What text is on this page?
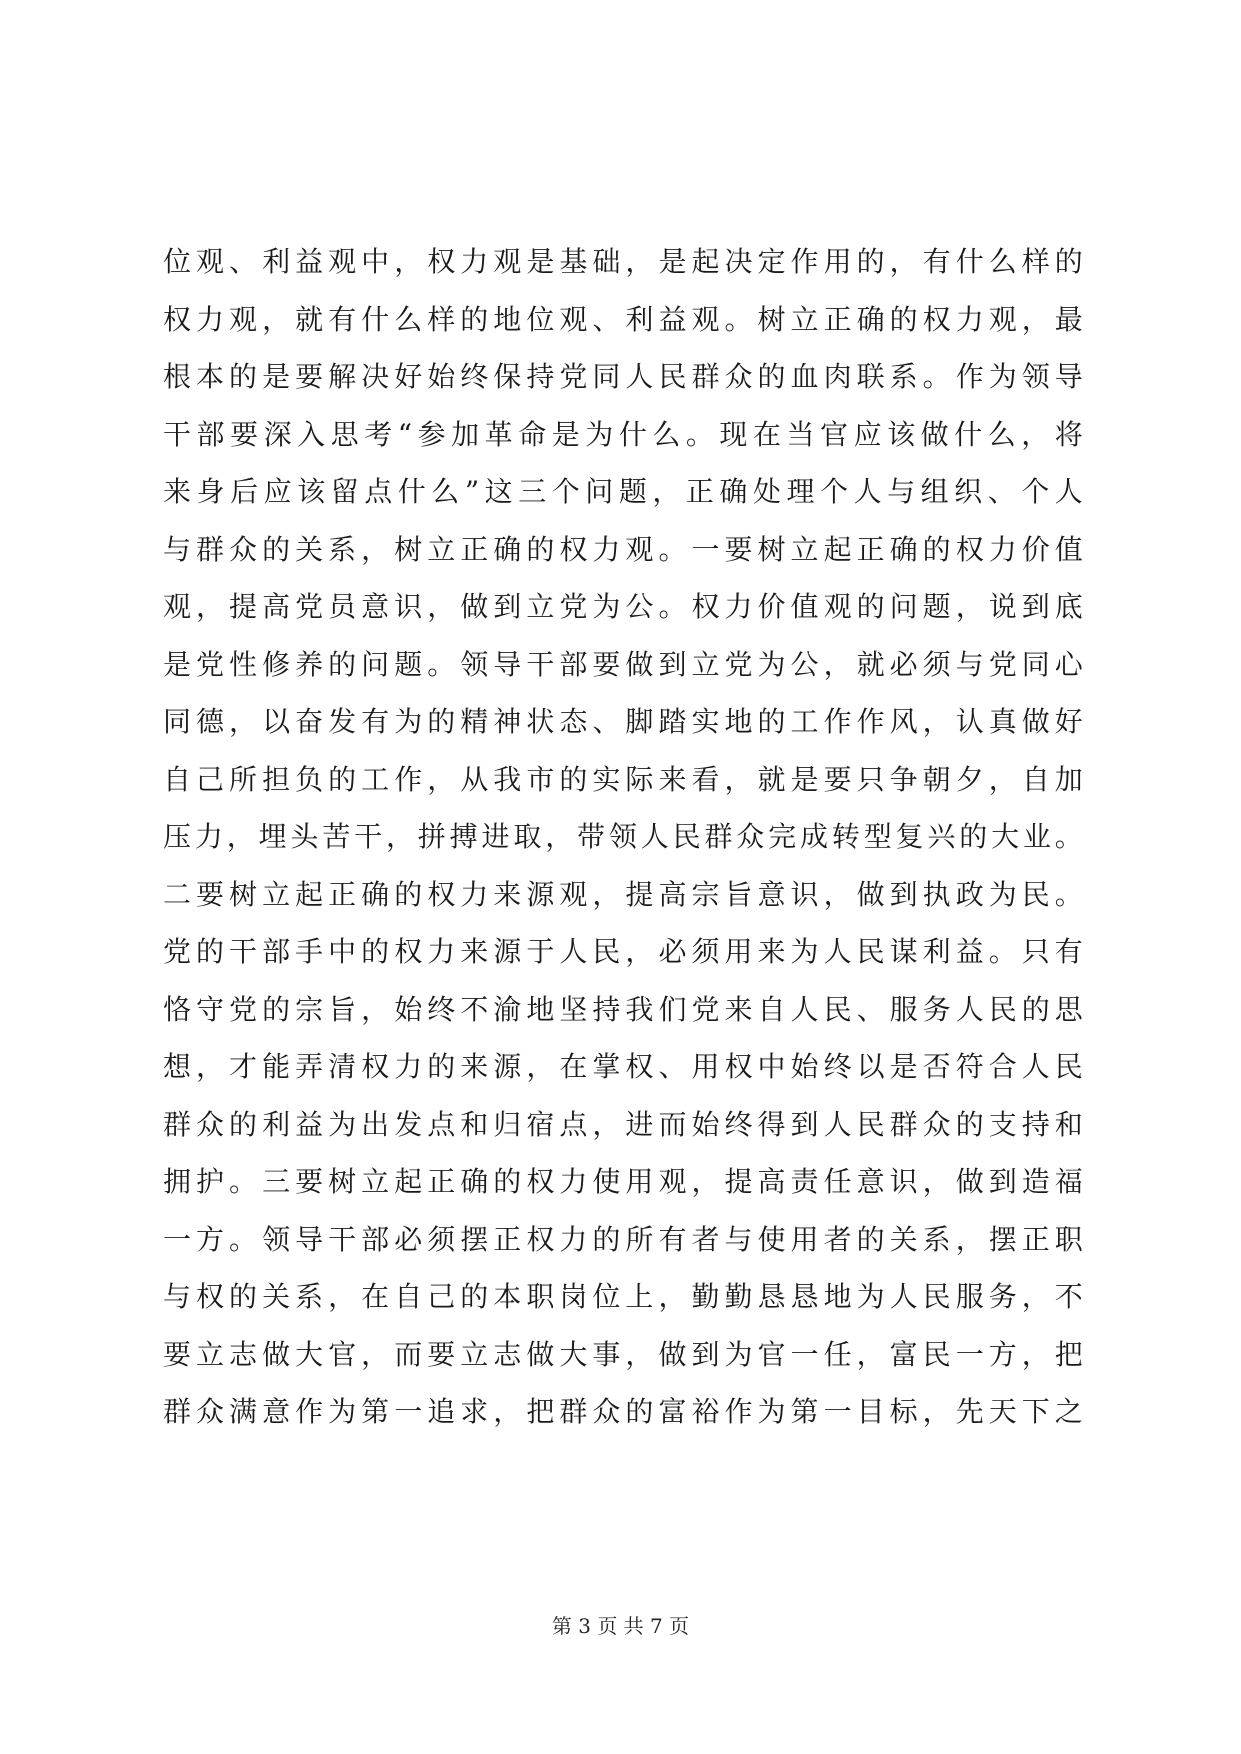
位观、利益观中，权力观是基础，是起决定作用的，有什么样的
权力观，就有什么样的地位观、利益观。树立正确的权力观，最
根本的是要解决好始终保持党同人民群众的血肉联系。作为领导
干部要深入思考“参加革命是为什么。现在当官应该做什么，将
来身后应该留点什么”这三个问题，正确处理个人与组织、个人
与群众的关系，树立正确的权力观。一要树立起正确的权力价值
观，提高党员意识，做到立党为公。权力价值观的问题，说到底
是党性修养的问题。领导干部要做到立党为公，就必须与党同心
同德，以奋发有为的精神状态、脚踏实地的工作作风，认真做好
自己所担负的工作，从我市的实际来看，就是要只争朝夕，自加
压力，埋头苦干，拼搏进取，带领人民群众完成转型复兴的大业。
二要树立起正确的权力来源观，提高宗旨意识，做到执政为民。
党的干部手中的权力来源于人民，必须用来为人民谋利益。只有
恪守党的宗旨，始终不渝地坚持我们党来自人民、服务人民的思
想，才能弄清权力的来源，在掌权、用权中始终以是否符合人民
群众的利益为出发点和归宿点，进而始终得到人民群众的支持和
拥护。三要树立起正确的权力使用观，提高责任意识，做到造福
一方。领导干部必须摆正权力的所有者与使用者的关系，摆正职
与权的关系，在自己的本职岗位上，勤勤恳恳地为人民服务，不
要立志做大官，而要立志做大事，做到为官一任，富民一方，把
群众满意作为第一追求，把群众的富裕作为第一目标，先天下之
第 3 页 共 7 页
